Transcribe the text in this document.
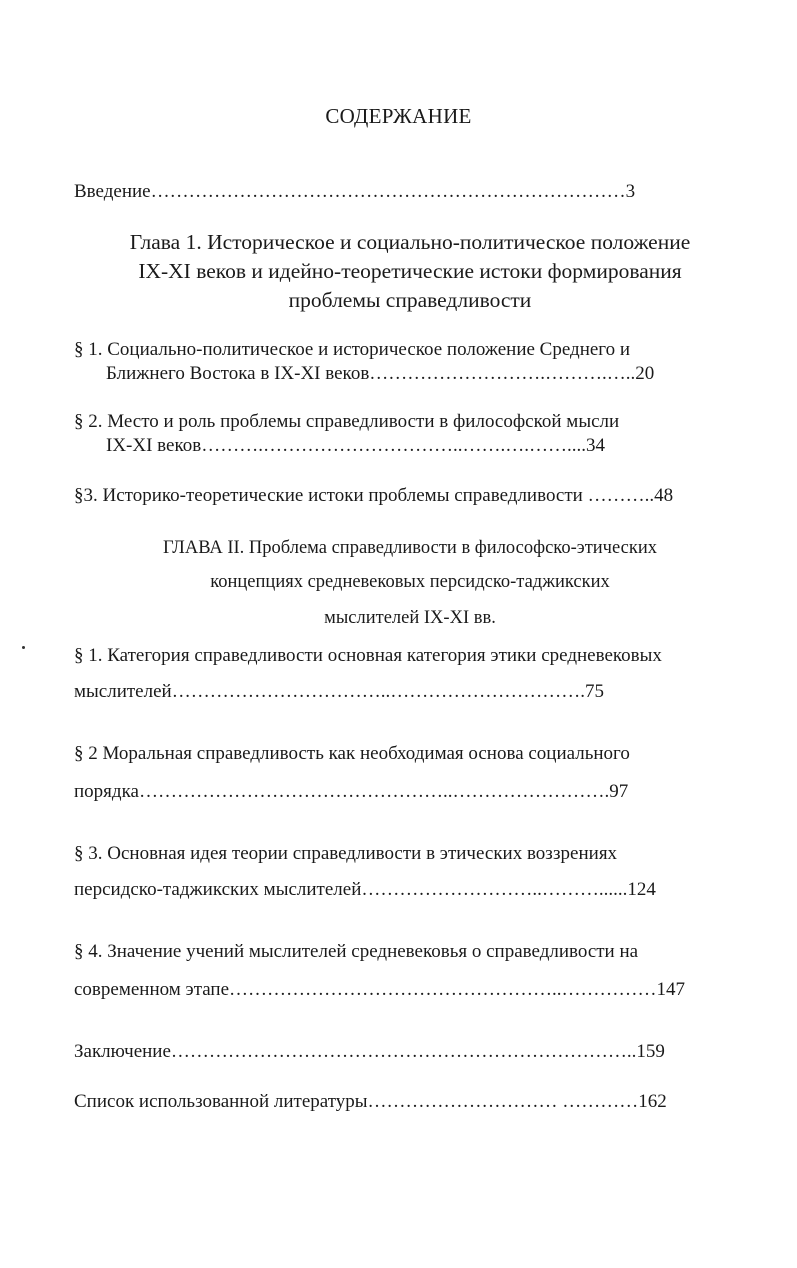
СОДЕРЖАНИЕ
Введение…………………………………………………………………3
Глава 1. Историческое и социально-политическое положение
IX-XI веков и идейно-теоретические истоки формирования
проблемы справедливости
§ 1. Социально-политическое и историческое положение Среднего и
Ближнего Востока в IX-XI веков……………………….……….…..20
§ 2. Место и роль проблемы справедливости в философской мысли
IX-XI веков……….…………………………..…….….……....34
§3. Историко-теоретические истоки проблемы справедливости ………..48
ГЛАВА II. Проблема справедливости в философско-этических
концепциях средневековых персидско-таджикских
мыслителей IX-XI вв.
§ 1. Категория справедливости основная категория этики средневековых
мыслителей……………………………..………………………….75
§ 2 Моральная справедливость как необходимая основа социального
порядка…………………………………………..…………………….97
§ 3. Основная идея теории справедливости в этических воззрениях
персидско-таджикских мыслителей………………………..………......124
§ 4. Значение учений мыслителей средневековья о справедливости на
современном этапе……………………………………………..……………147
Заключение………………………………………………………………..159
Список использованной литературы………………………… …………162
